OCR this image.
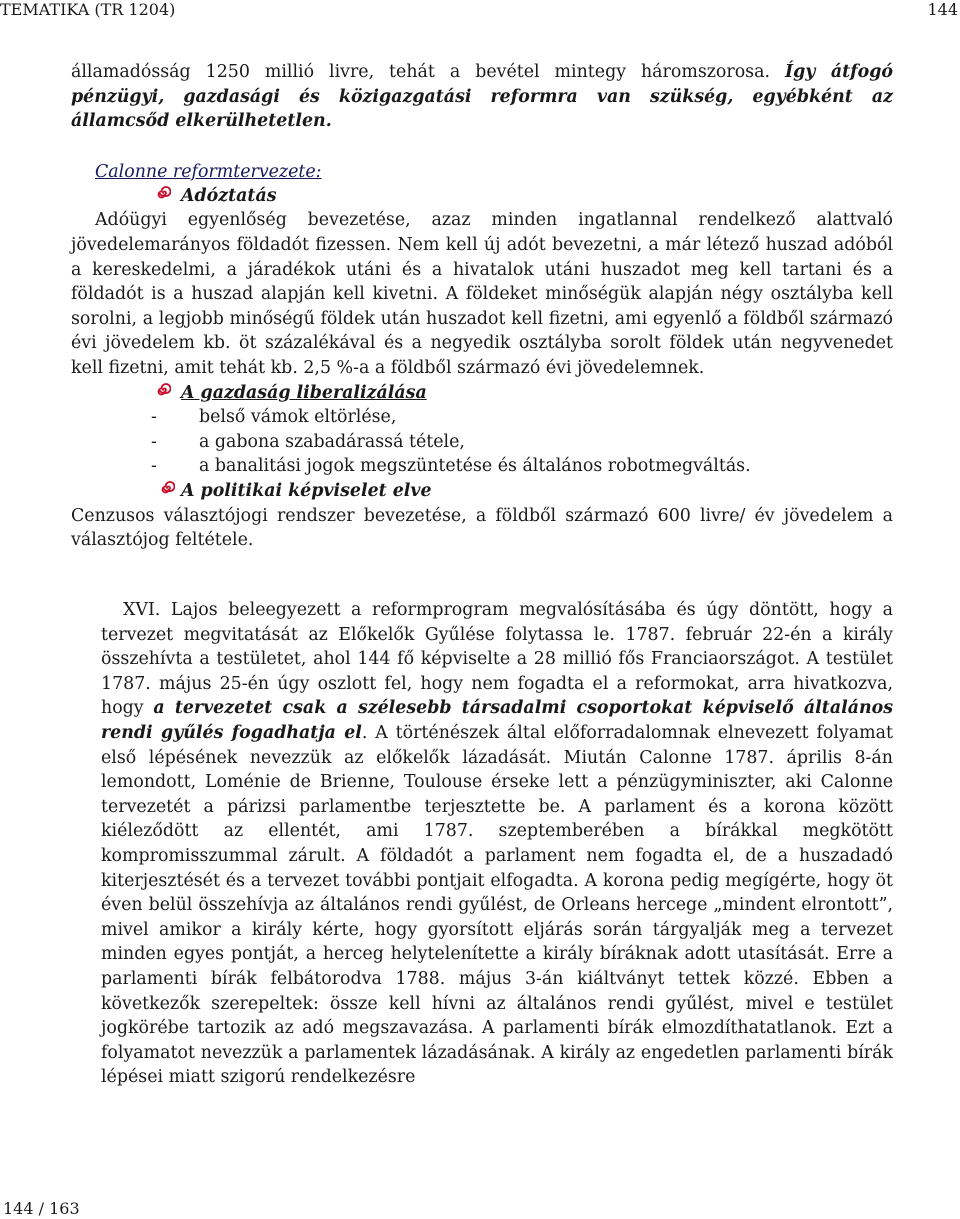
TEMATIKA (TR 1204)	144

államadósság 1250 millió livre, tehát a bevétel mintegy háromszorosa. Így átfogó pénzügyi, gazdasági és közigazgatási reformra van szükség, egyébként az államcsőd elkerülhetetlen.

Calonne reformtervezete:
Adóztatás

Adóügyi egyenlőség bevezetése, azaz minden ingatlannal rendelkező alattvaló jövedelemarányos földadót fizessen. Nem kell új adót bevezetni, a már létező huszad adóból a kereskedelmi, a járadékok utáni és a hivatalok utáni huszadot meg kell tartani és a földadót is a huszad alapján kell kivetni. A földeket minőségük alapján négy osztályba kell sorolni, a legjobb minőségű földek után huszadot kell fizetni, ami egyenlő a földből származó évi jövedelem kb. öt százalékával és a negyedik osztályba sorolt földek után negyvenedet kell fizetni, amit tehát kb. 2,5 %-a a földből származó évi jövedelemnek.

A gazdaság liberalizálása
-	belső vámok eltörlése,
-	a gabona szabadárassá tétele,
-	a banalitási jogok megszüntetése és általános robotmegváltás.
A politikai képviselet elve

Cenzusos választójogi rendszer bevezetése, a földből származó 600 livre/ év jövedelem a választójog feltétele.

XVI. Lajos beleegyezett a reformprogram megvalósításába és úgy döntött, hogy a tervezet megvitatását az Előkelők Gyűlése folytassa le. 1787. február 22-én a király összehívta a testületet, ahol 144 fő képviselte a 28 millió fős Franciaországot. A testület 1787. május 25-én úgy oszlott fel, hogy nem fogadta el a reformokat, arra hivatkozva, hogy a tervezetet csak a szélesebb társadalmi csoportokat képviselő általános rendi gyűlés fogadhatja el. A történészek által előforradalomnak elnevezett folyamat első lépésének nevezzük az előkelők lázadását. Miután Calonne 1787. április 8-án lemondott, Loménie de Brienne, Toulouse érseke lett a pénzügyminiszter, aki Calonne tervezetét a párizsi parlamentbe terjesztette be. A parlament és a korona között kiéleződött az ellentét, ami 1787. szeptemberében a bírákkal megkötött kompromisszummal zárult. A földadót a parlament nem fogadta el, de a huszadadó kiterjesztését és a tervezet további pontjait elfogadta. A korona pedig megígérte, hogy öt éven belül összehívja az általános rendi gyűlést, de Orleans hercege „mindent elrontott”, mivel amikor a király kérte, hogy gyorsított eljárás során tárgyalják meg a tervezet minden egyes pontját, a herceg helytelenítette a király bíráknak adott utasítását. Erre a parlamenti bírák felbátorodva 1788. május 3-án kiáltványt tettek közzé. Ebben a következők szerepeltek: össze kell hívni az általános rendi gyűlést, mivel e testület jogkörébe tartozik az adó megszavazása. A parlamenti bírák elmozdíthatatlanok. Ezt a folyamatot nevezzük a parlamentek lázadásának. A király az engedetlen parlamenti bírák lépései miatt szigorú rendelkezésre

144 / 163
